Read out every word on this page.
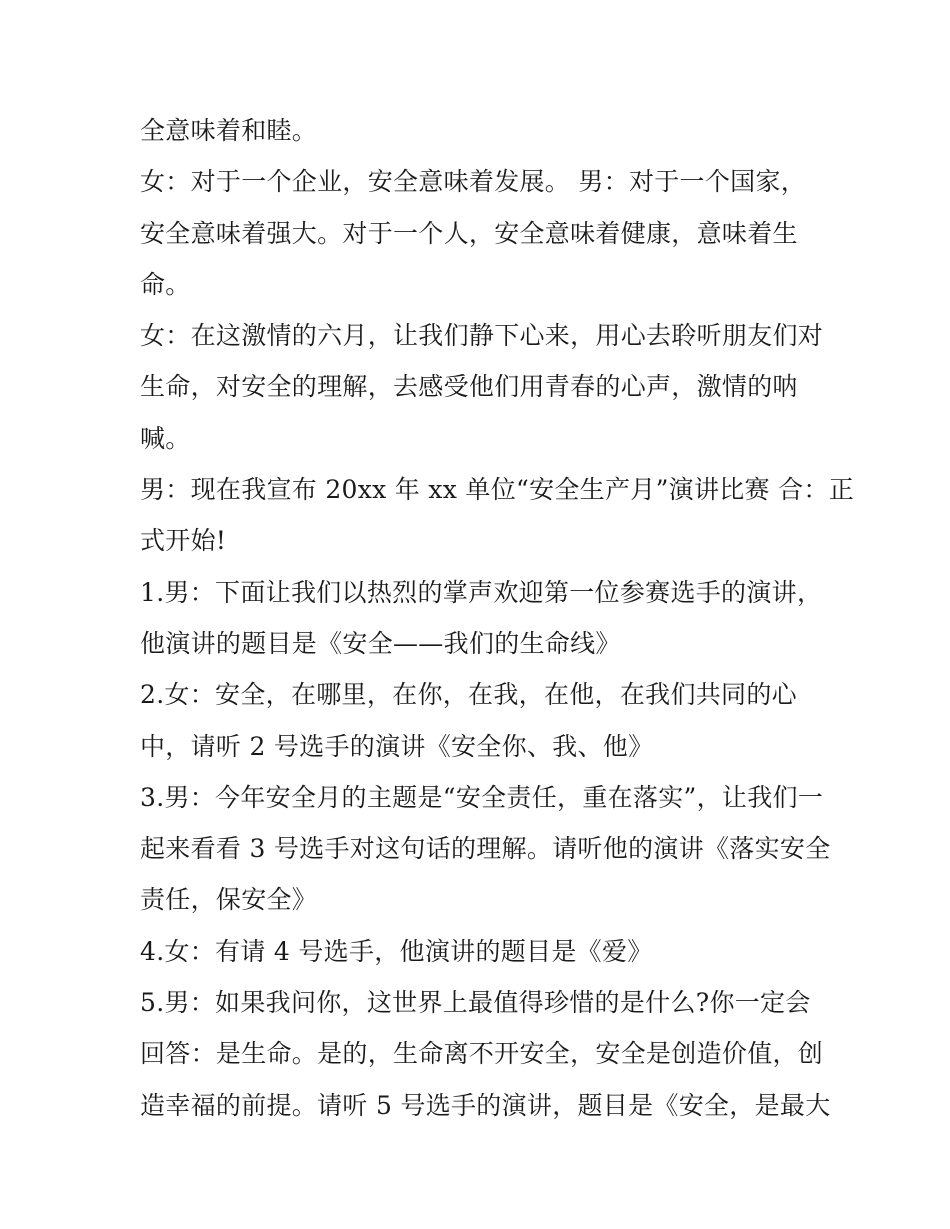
全意味着和睦。
女：对于一个企业，安全意味着发展。 男：对于一个国家，
安全意味着强大。对于一个人，安全意味着健康，意味着生
命。
女：在这激情的六月，让我们静下心来，用心去聆听朋友们对
生命，对安全的理解，去感受他们用青春的心声，激情的呐
喊。
男：现在我宣布 20xx 年 xx 单位“安全生产月”演讲比赛 合：正
式开始!
1.男：下面让我们以热烈的掌声欢迎第一位参赛选手的演讲，
他演讲的题目是《安全——我们的生命线》
2.女：安全，在哪里，在你，在我，在他，在我们共同的心
中，请听 2 号选手的演讲《安全你、我、他》
3.男：今年安全月的主题是“安全责任，重在落实”，让我们一
起来看看 3 号选手对这句话的理解。请听他的演讲《落实安全
责任，保安全》
4.女：有请 4 号选手，他演讲的题目是《爱》
5.男：如果我问你，这世界上最值得珍惜的是什么?你一定会
回答：是生命。是的，生命离不开安全，安全是创造价值，创
造幸福的前提。请听 5 号选手的演讲，题目是《安全，是最大
